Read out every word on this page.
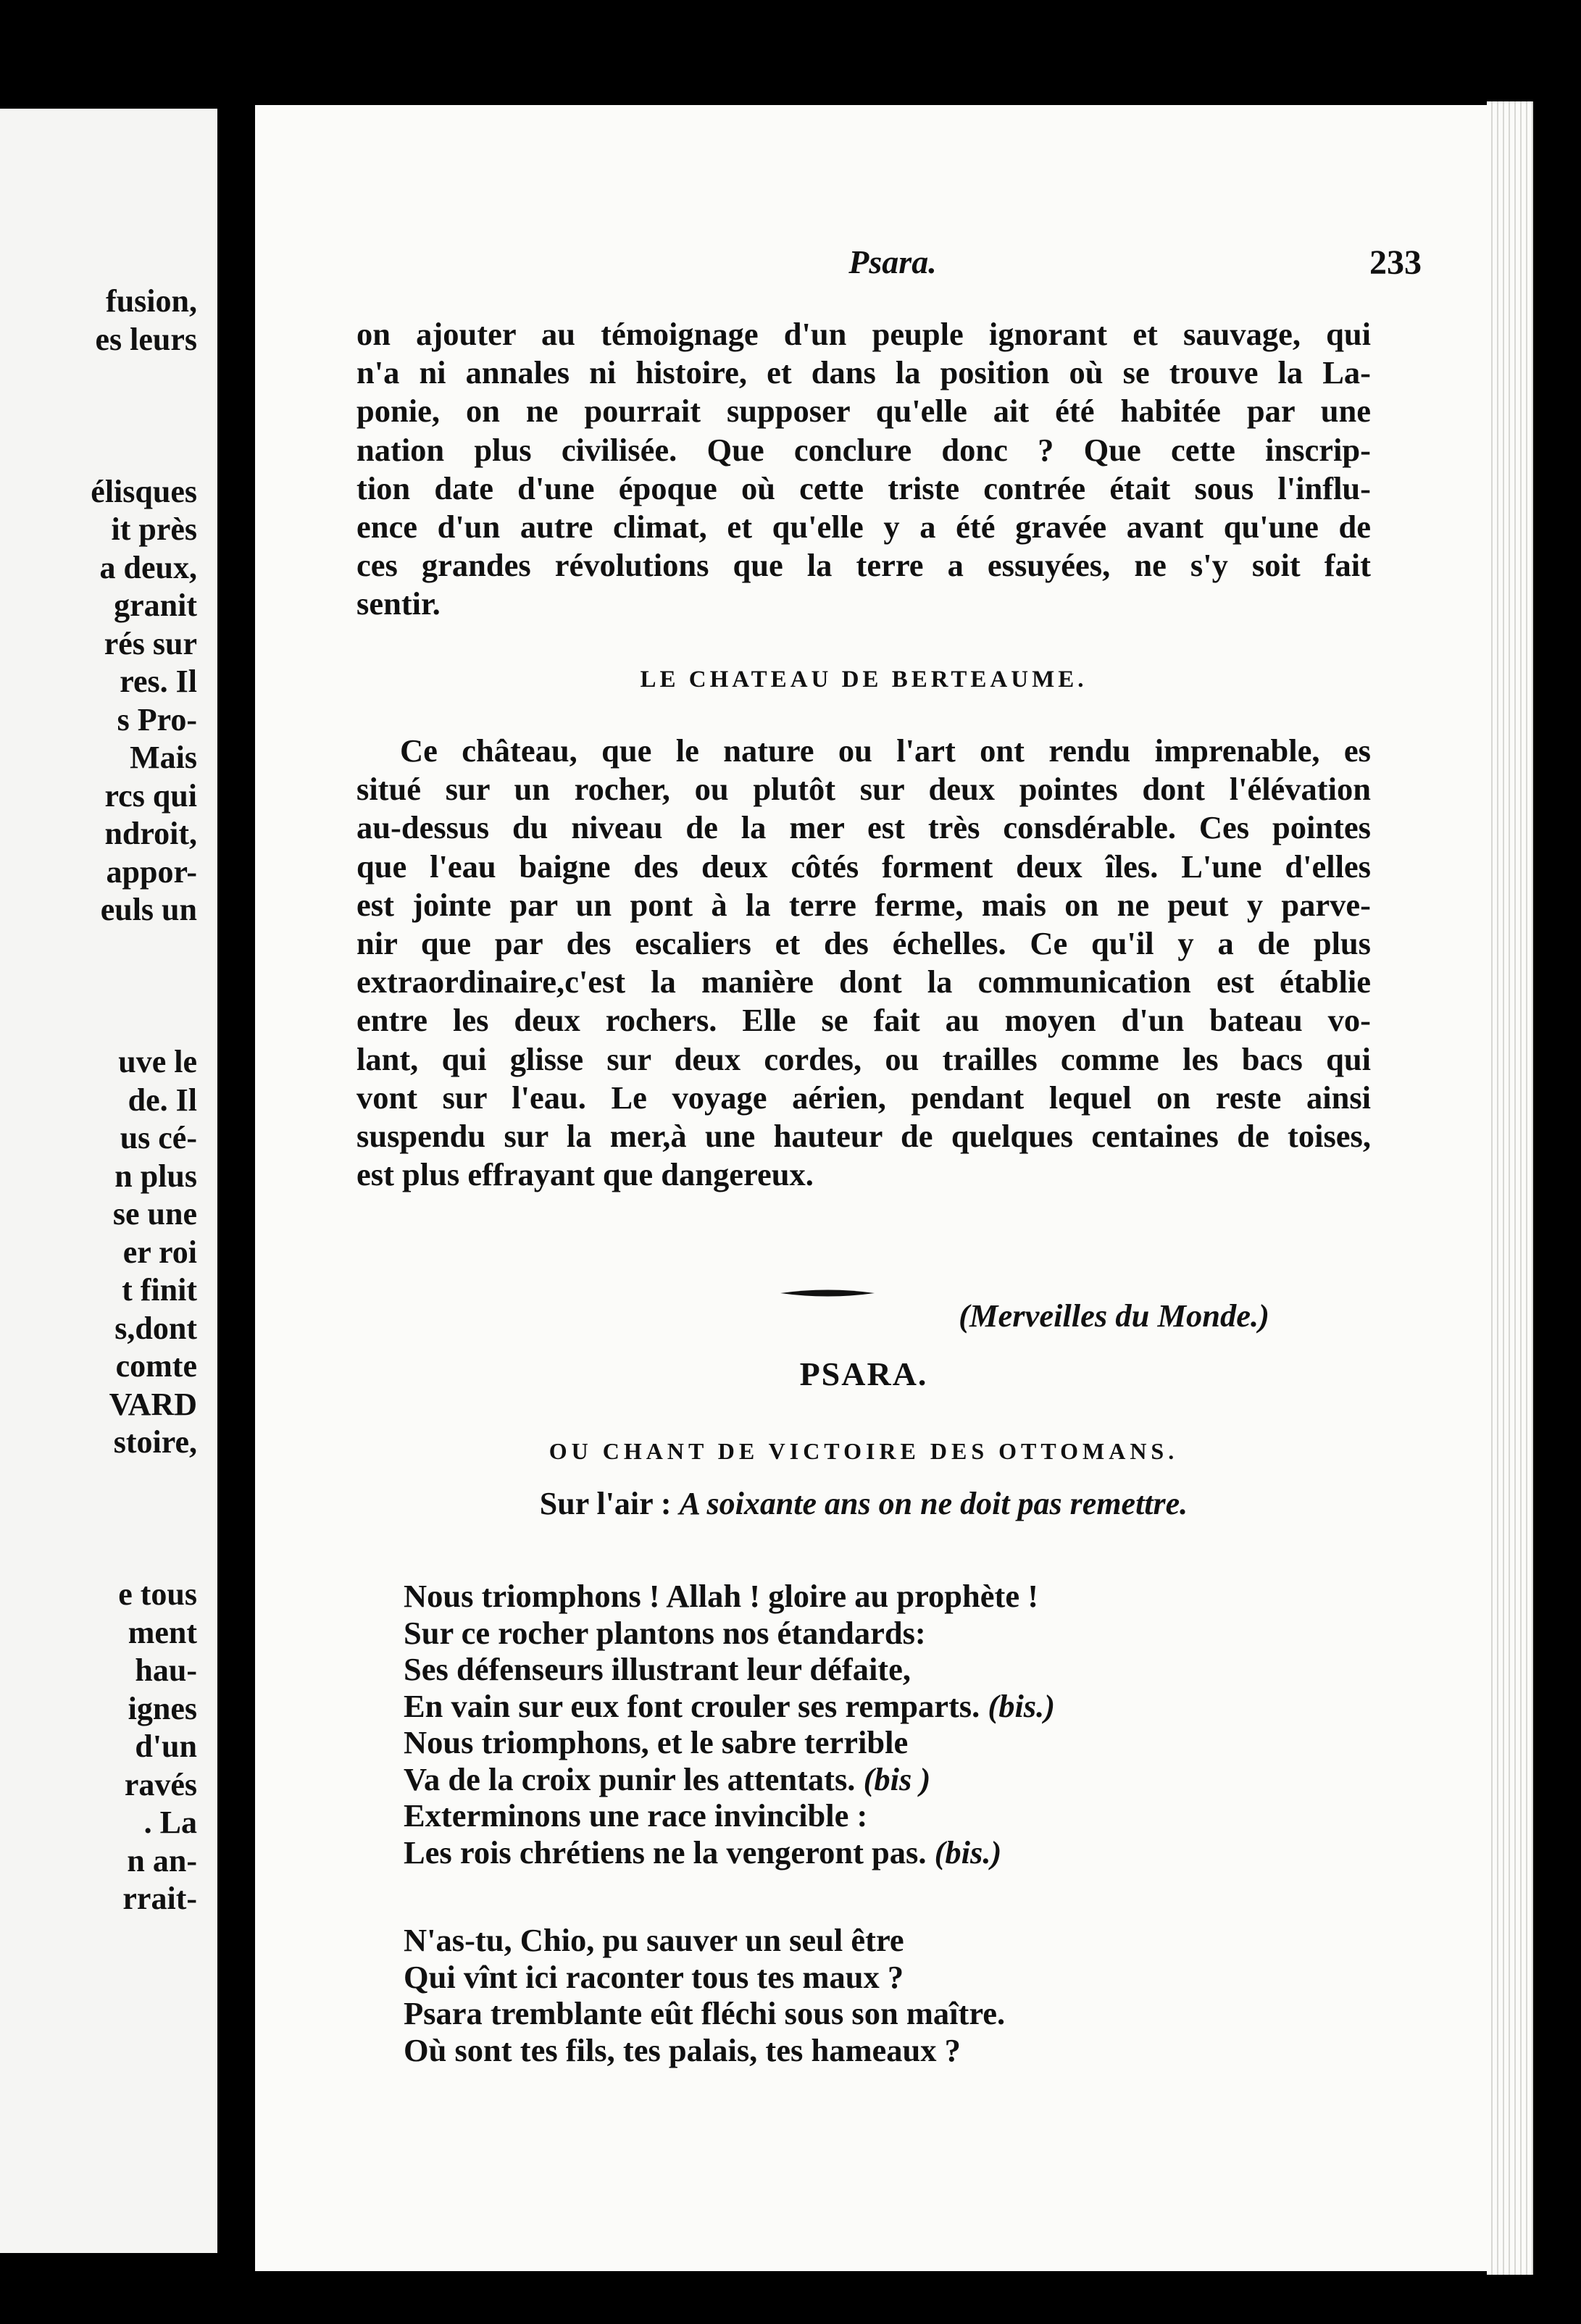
fusion,
es leurs
élisques
it près
a deux,
granit
rés sur
res. Il
s Pro-
Mais
rcs qui
ndroit,
appor-
euls un
uve le
de. Il
us cé-
n plus
se une
er roi
t finit
s,dont
comte
VARD
stoire,
e tous
ment
hau-
ignes
d'un
ravés
. La
n an-
rrait-
Psara.	233
on ajouter au témoignage d'un peuple ignorant et sauvage, qui
n'a ni annales ni histoire, et dans la position où se trouve la La-
ponie, on ne pourrait supposer qu'elle ait été habitée par une
nation plus civilisée. Que conclure donc ? Que cette inscrip-
tion date d'une époque où cette triste contrée était sous l'influ-
ence d'un autre climat, et qu'elle y a été gravée avant qu'une de
ces grandes révolutions que la terre a essuyées, ne s'y soit fait
sentir.
LE CHATEAU DE BERTEAUME.
Ce château, que le nature ou l'art ont rendu imprenable, es
situé sur un rocher, ou plutôt sur deux pointes dont l'élévation
au-dessus du niveau de la mer est très consdérable. Ces pointes
que l'eau baigne des deux côtés forment deux îles. L'une d'elles
est jointe par un pont à la terre ferme, mais on ne peut y parve-
nir que par des escaliers et des échelles. Ce qu'il y a de plus
extraordinaire,c'est la manière dont la communication est établie
entre les deux rochers. Elle se fait au moyen d'un bateau vo-
lant, qui glisse sur deux cordes, ou trailles comme les bacs qui
vont sur l'eau. Le voyage aérien, pendant lequel on reste ainsi
suspendu sur la mer,à une hauteur de quelques centaines de toises,
est plus effrayant que dangereux.
(Merveilles du Monde.)
PSARA.
OU CHANT DE VICTOIRE DES OTTOMANS.
Sur l'air : A soixante ans on ne doit pas remettre.
Nous triomphons ! Allah ! gloire au prophète !
Sur ce rocher plantons nos étandards:
Ses défenseurs illustrant leur défaite,
En vain sur eux font crouler ses remparts. (bis.)
Nous triomphons, et le sabre terrible
Va de la croix punir les attentats. (bis )
Exterminons une race invincible :
Les rois chrétiens ne la vengeront pas. (bis.)
N'as-tu, Chio, pu sauver un seul être
Qui vînt ici raconter tous tes maux ?
Psara tremblante eût fléchi sous son maître.
Où sont tes fils, tes palais, tes hameaux ?
